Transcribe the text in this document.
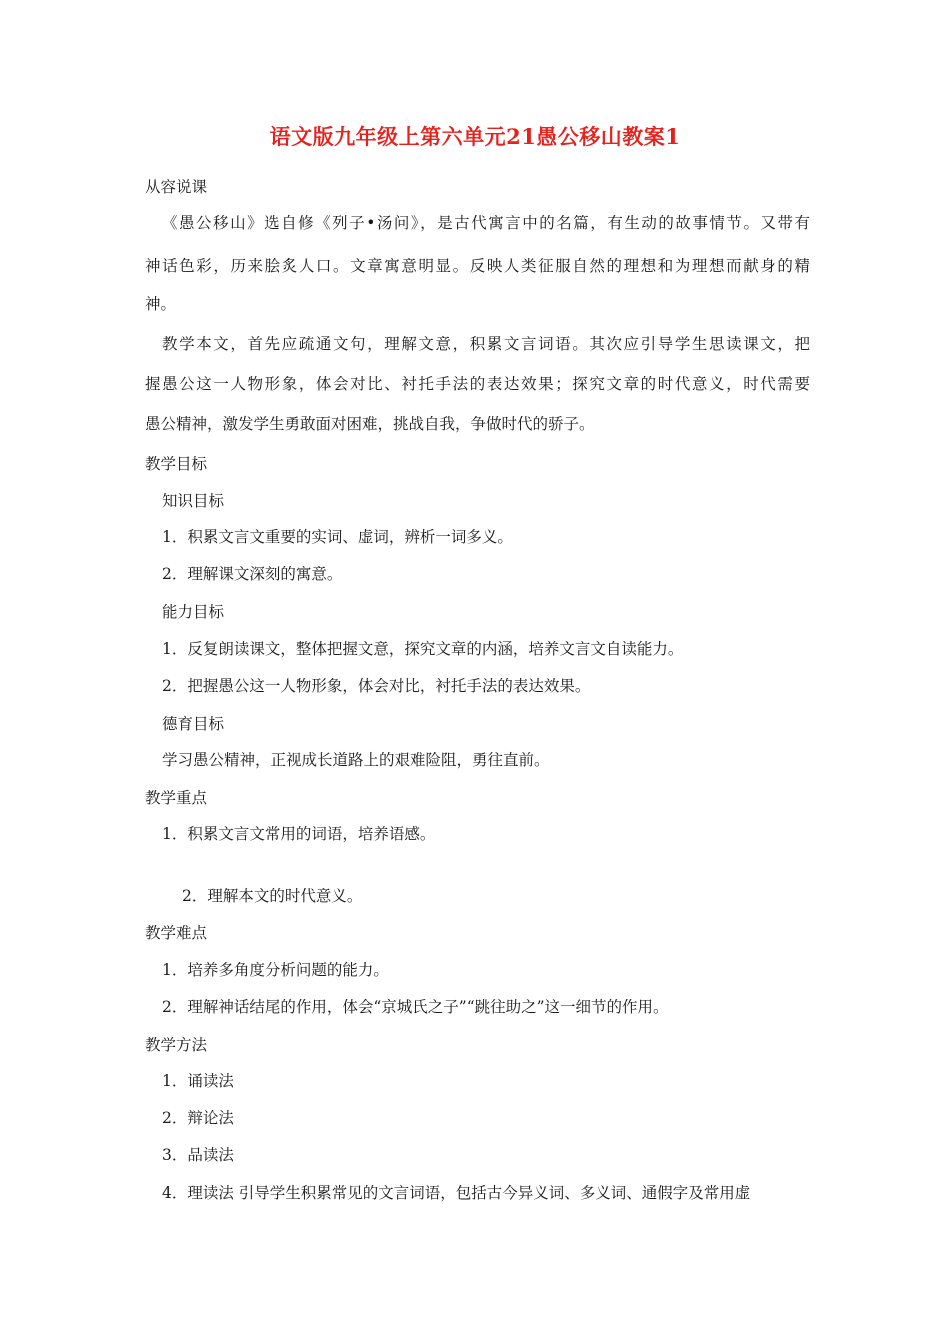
语文版九年级上第六单元21愚公移山教案1
从容说课
《愚公移山》选自修《列子•汤问》，是古代寓言中的名篇，有生动的故事情节。又带有
神话色彩，历来脍炙人口。文章寓意明显。反映人类征服自然的理想和为理想而献身的精
神。
教学本文，首先应疏通文句，理解文意，积累文言词语。其次应引导学生思读课文，把
握愚公这一人物形象，体会对比、衬托手法的表达效果；探究文章的时代意义，时代需要
愚公精神，激发学生勇敢面对困难，挑战自我，争做时代的骄子。
教学目标
知识目标
1．积累文言文重要的实词、虚词，辨析一词多义。
2．理解课文深刻的寓意。
能力目标
1．反复朗读课文，整体把握文意，探究文章的内涵，培养文言文自读能力。
2．把握愚公这一人物形象，体会对比，衬托手法的表达效果。
德育目标
学习愚公精神，正视成长道路上的艰难险阻，勇往直前。
教学重点
1．积累文言文常用的词语，培养语感。
2．理解本文的时代意义。
教学难点
1．培养多角度分析问题的能力。
2．理解神话结尾的作用，体会“京城氏之子”“跳往助之”这一细节的作用。
教学方法
1．诵读法
2．辩论法
3．品读法
4．理读法 引导学生积累常见的文言词语，包括古今异义词、多义词、通假字及常用虚
